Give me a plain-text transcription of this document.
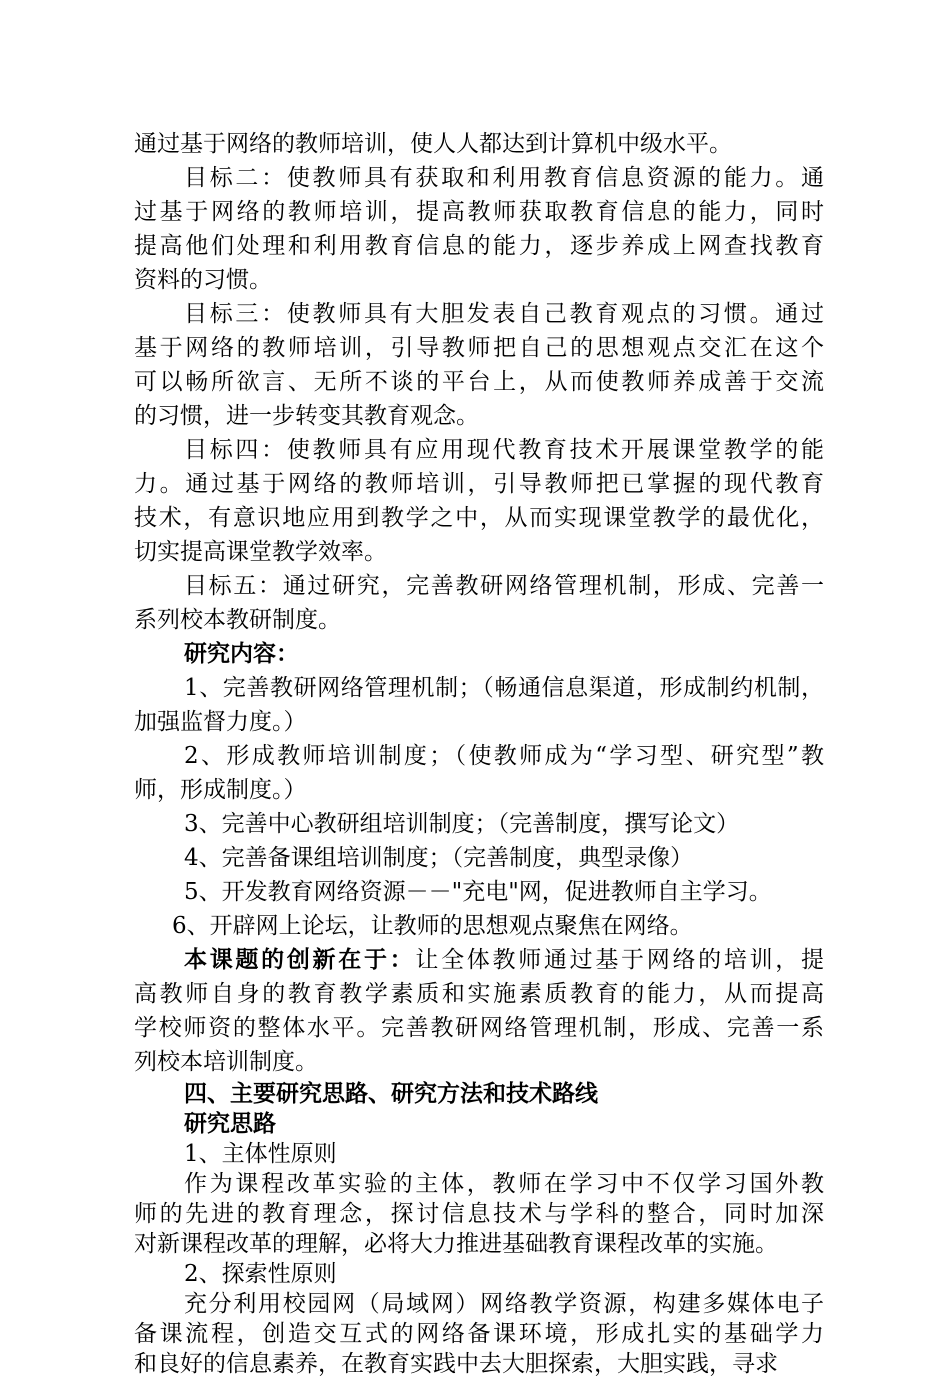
通过基于网络的教师培训，使人人都达到计算机中级水平。
目标二：使教师具有获取和利用教育信息资源的能力。通
过基于网络的教师培训，提高教师获取教育信息的能力，同时
提高他们处理和利用教育信息的能力，逐步养成上网查找教育
资料的习惯。
目标三：使教师具有大胆发表自己教育观点的习惯。通过
基于网络的教师培训，引导教师把自己的思想观点交汇在这个
可以畅所欲言、无所不谈的平台上，从而使教师养成善于交流
的习惯，进一步转变其教育观念。
目标四：使教师具有应用现代教育技术开展课堂教学的能
力。通过基于网络的教师培训，引导教师把已掌握的现代教育
技术，有意识地应用到教学之中，从而实现课堂教学的最优化，
切实提高课堂教学效率。
目标五：通过研究，完善教研网络管理机制，形成、完善一
系列校本教研制度。
研究内容：
1、完善教研网络管理机制；（畅通信息渠道，形成制约机制，
加强监督力度。）
2、形成教师培训制度；（使教师成为“学习型、研究型”教
师，形成制度。）
3、完善中心教研组培训制度；（完善制度，撰写论文）
4、完善备课组培训制度；（完善制度，典型录像）
5、开发教育网络资源－－"充电"网，促进教师自主学习。
6、开辟网上论坛，让教师的思想观点聚焦在网络。
本课题的创新在于：让全体教师通过基于网络的培训，提
高教师自身的教育教学素质和实施素质教育的能力，从而提高
学校师资的整体水平。完善教研网络管理机制，形成、完善一系
列校本培训制度。
四、主要研究思路、研究方法和技术路线
研究思路
1、主体性原则
作为课程改革实验的主体，教师在学习中不仅学习国外教
师的先进的教育理念，探讨信息技术与学科的整合，同时加深
对新课程改革的理解，必将大力推进基础教育课程改革的实施。
2、探索性原则
充分利用校园网（局域网）网络教学资源，构建多媒体电子
备课流程，创造交互式的网络备课环境，形成扎实的基础学力
和良好的信息素养，在教育实践中去大胆探索，大胆实践，寻求
